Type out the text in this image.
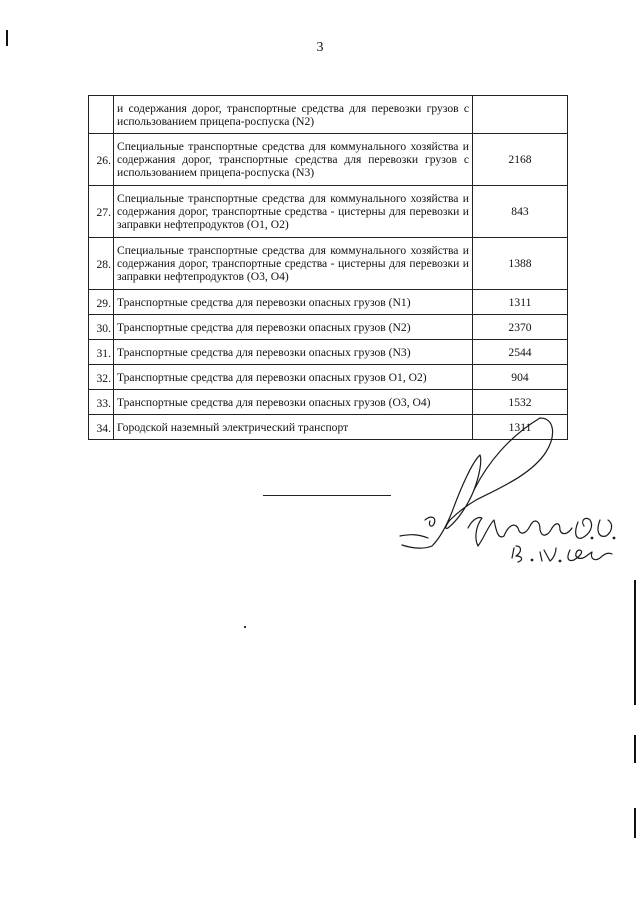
3
	и содержания дорог, транспортные средства для перевозки грузов с использованием прицепа-роспуска (N2)	
26.	Специальные транспортные средства для коммунального хозяйства и содержания дорог, транспортные средства для перевозки грузов с использованием прицепа-роспуска (N3)	2168
27.	Специальные транспортные средства для коммунального хозяйства и содержания дорог, транспортные средства - цистерны для перевозки и заправки нефтепродуктов (O1, O2)	843
28.	Специальные транспортные средства для коммунального хозяйства и содержания дорог, транспортные средства - цистерны для перевозки и заправки нефтепродуктов (O3, O4)	1388
29.	Транспортные средства для перевозки опасных грузов (N1)	1311
30.	Транспортные средства для перевозки опасных грузов (N2)	2370
31.	Транспортные средства для перевозки опасных грузов (N3)	2544
32.	Транспортные средства для перевозки опасных грузов O1, O2)	904
33.	Транспортные средства для перевозки опасных грузов (O3, O4)	1532
34.	Городской наземный электрический транспорт	1311
